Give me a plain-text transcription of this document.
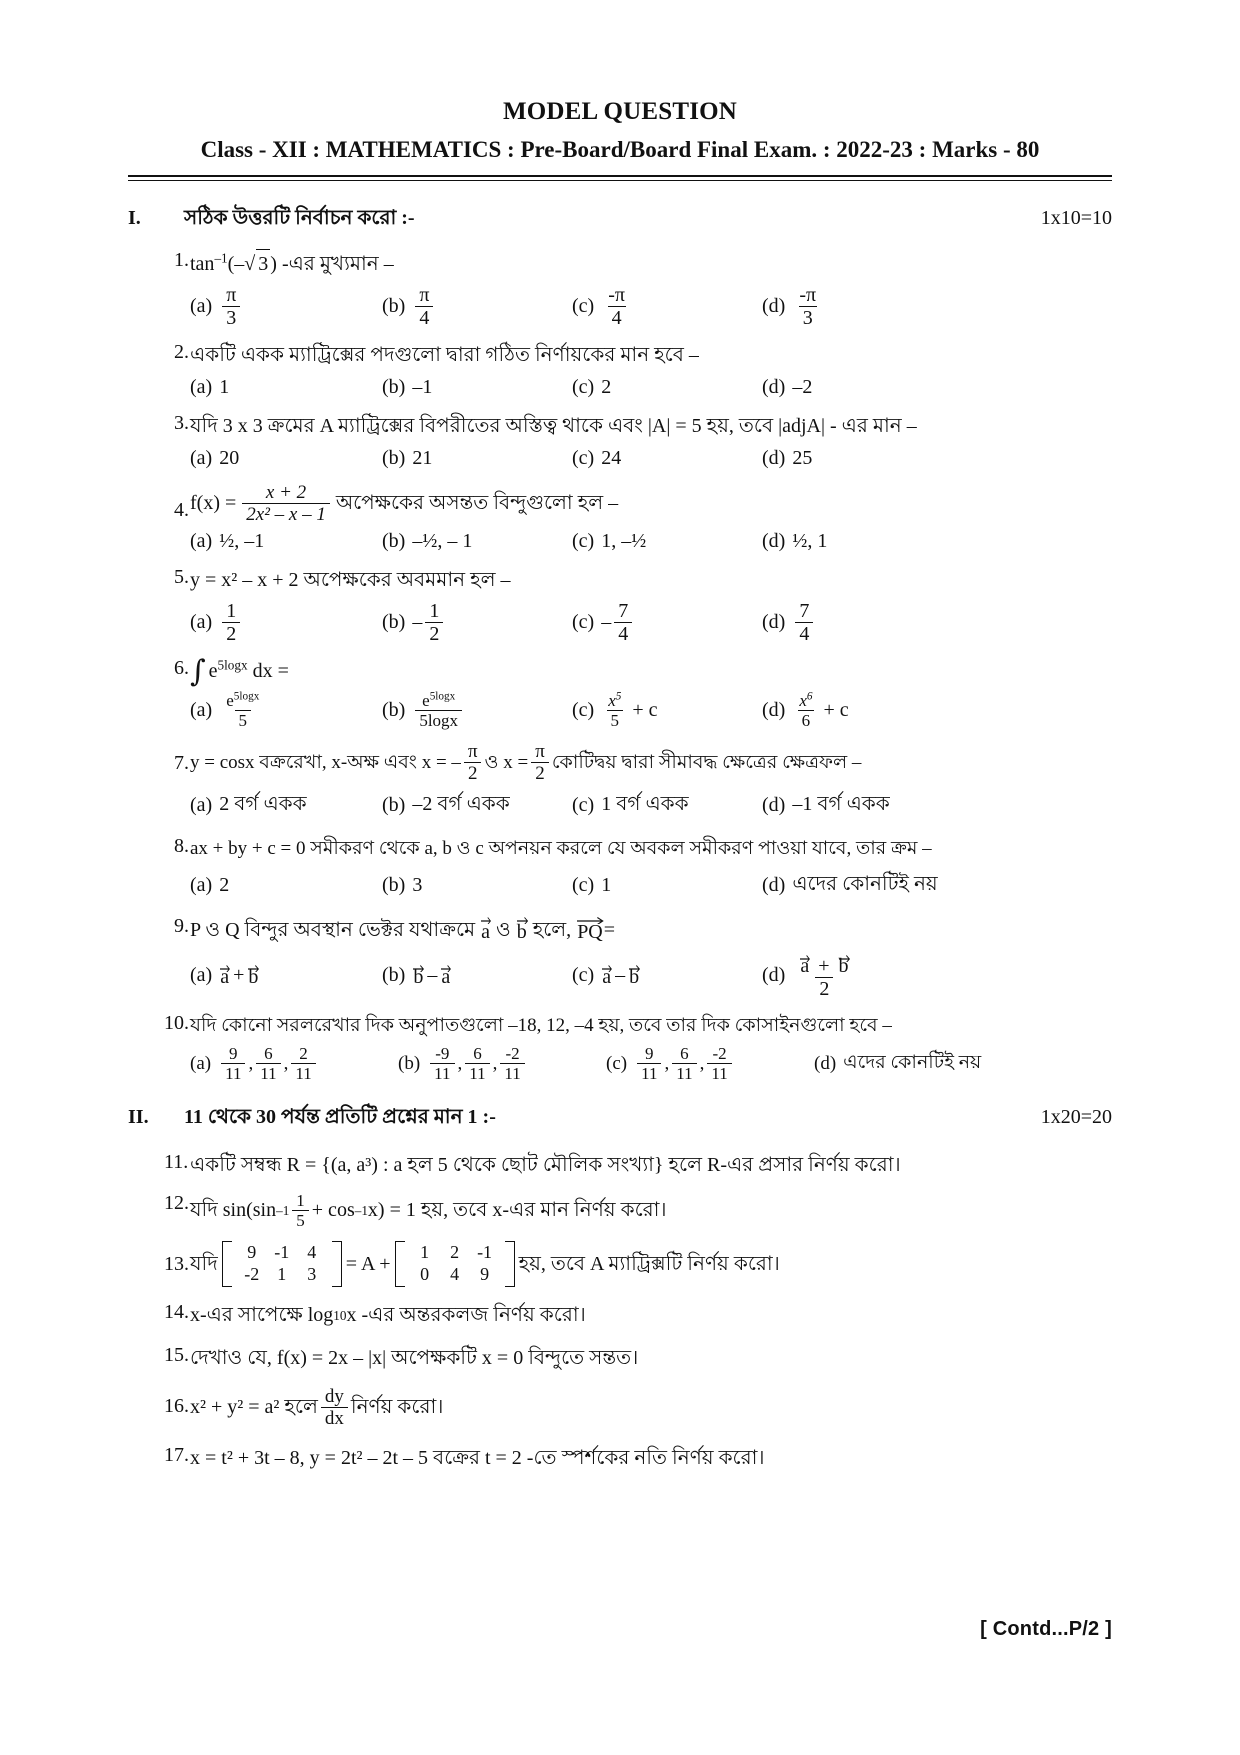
MODEL QUESTION
Class - XII : MATHEMATICS : Pre-Board/Board Final Exam. : 2022-23 : Marks - 80
I.	সঠিক উত্তরটি নির্বাচন করো :-	1x10=10
1. $\tan^{-1}(-$ √ 3 ) -এর মুখ্যমান –
$(a) \frac{\pi}{3}$	$(b) \frac{\pi}{4}$	$(c) \frac{-\pi}{4}$	$(d) \frac{-\pi}{3}$
2. একটি একক ম্যাট্রিক্সের পদগুলো দ্বারা গঠিত নির্ণায়কের মান হবে –
(a) 1	(b) –1	(c) 2	(d) –2
3. যদি 3 x 3 ক্রমের A ম্যাট্রিক্সের বিপরীতের অস্তিত্ব থাকে এবং |A| = 5 হয়, তবে |adjA| - এর মান –
(a) 20	(b) 21	(c) 24	(d) 25
4. $f(x) = \frac{x + 2}{\text{2x² – x – 1}}$ অপেক্ষকের অসন্তত বিন্দুগুলো হল –
(a) ½, –1	(b) –½, – 1	(c) 1, –½	(d) ½, 1
5. y = x² – x + 2 অপেক্ষকের অবমমান হল –
$(a) \frac{1}{2}$	$(b) - \frac{1}{2}$	$(c) - \frac{7}{4}$	$(d) \frac{7}{4}$
6. ∫ $e^{5logx}$ dx =
$(a) \frac{e^{5logx}}{5}$	$(b) \frac{e^{5logx}}{5\log x}$	$(c) \frac{x^5}{5} + c$	$(d) \frac{x^6}{6} + c$
7. y = cosx বক্ররেখা, x-অক্ষ এবং x = – $\frac{\pi}{2}$ ও $x = \frac{\pi}{2}$ কোটিদ্বয় দ্বারা সীমাবদ্ধ ক্ষেত্রের ক্ষেত্রফল –
(a) 2 বর্গ একক	(b) –2 বর্গ একক	(c) 1 বর্গ একক	(d) –1 বর্গ একক
8. ax + by + c = 0 সমীকরণ থেকে a, b ও c অপনয়ন করলে যে অবকল সমীকরণ পাওয়া যাবে, তার ক্রম –
(a) 2	(b) 3	(c) 1	(d) এদের কোনটিই নয়
9. P ও Q বিন্দুর অবস্থান ভেক্টর যথাক্রমে
a
ও
b
হলে,
PQ =
(a) a + b	(b) b – a	(c) a – b	$(d) \frac{a + b}{2}$
10. যদি কোনো সরলরেখার দিক অনুপাতগুলো –18, 12, –4 হয়, তবে তার দিক কোসাইনগুলো হবে –
$(a) \frac{9}{11}$ , $\frac{6}{11}$ , $\frac{2}{11}$	$(b) \frac{-9}{11}$ , $\frac{6}{11}$ , $\frac{-2}{11}$	$(c) \frac{9}{11}$ , $\frac{6}{11}$ , $\frac{-2}{11}$	(d) এদের কোনটিই নয়
II.	11 থেকে 30 পর্যন্ত প্রতিটি প্রশ্নের মান 1 :-	1x20=20
11. একটি সম্বন্ধ R = {(a, a³) : a হল 5 থেকে ছোট মৌলিক সংখ্যা} হলে R-এর প্রসার নির্ণয় করো।
12. যদি sin(sin $-1 \frac{1}{5} + \cos -1$ x) = 1 হয়, তবে x-এর মান নির্ণয় করো।
13. যদি
9	-1	4
-2	1	3	= A +
1	2	-1
0	4	9	হয়, তবে A ম্যাট্রিক্সটি নির্ণয় করো।
14. x-এর সাপেক্ষে log 10 x -এর অন্তরকলজ নির্ণয় করো।
15. দেখাও যে, f(x) = 2x – |x| অপেক্ষকটি x = 0 বিন্দুতে সন্তত।
16. x² + y² = a² হলে $\frac{dy}{dx}$ নির্ণয় করো।
17. x = t² + 3t – 8, y = 2t² – 2t – 5 বক্রের t = 2 -তে স্পর্শকের নতি নির্ণয় করো।
[ Contd...P/2 ]
